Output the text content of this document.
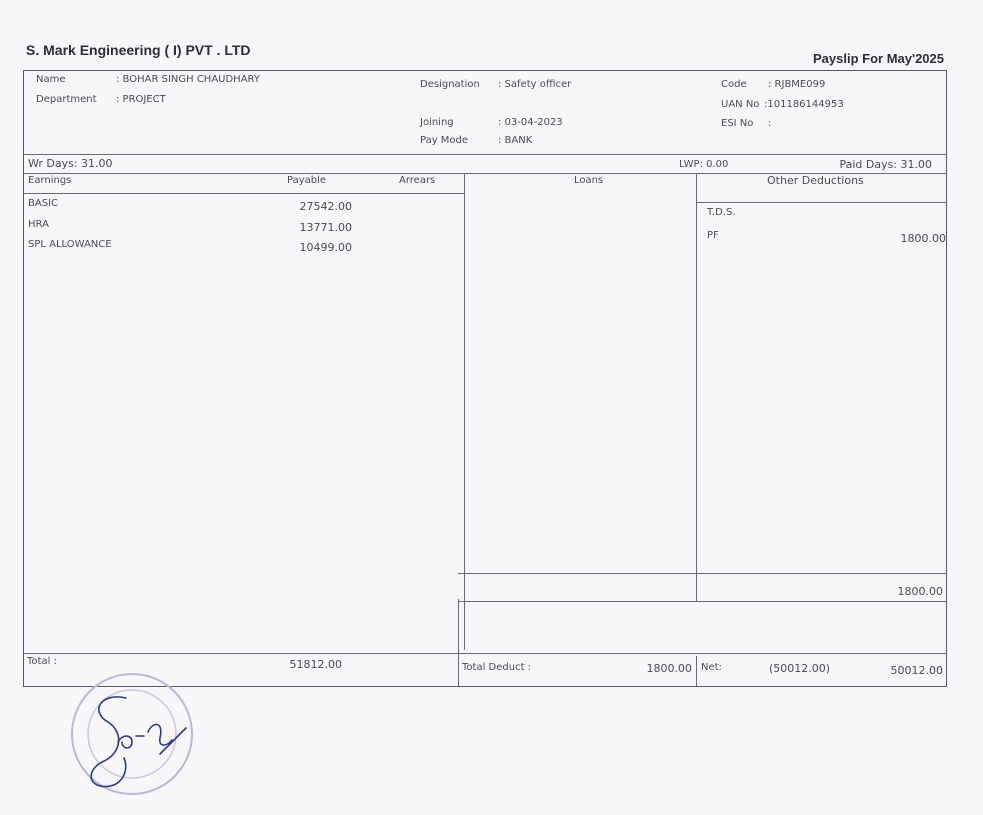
S. Mark Engineering ( I) PVT . LTD
Payslip For May'2025
Name	: BOHAR SINGH CHAUDHARY
Department : PROJECT
Designation : Safety officer
Joining	: 03-04-2023
Pay Mode	: BANK
Code : RJBME099
UAN No :101186144953
ESI No :
Wr Days: 31.00	LWP: 0.00	Paid Days: 31.00
Earnings	Payable	Arrears	Loans	Other Deductions
BASIC	27542.00
HRA	13771.00
SPL ALLOWANCE	10499.00
T.D.S.
PF	1800.00
1800.00
Total :	51812.00	Total Deduct :	1800.00 Net:	(50012.00)	50012.00
